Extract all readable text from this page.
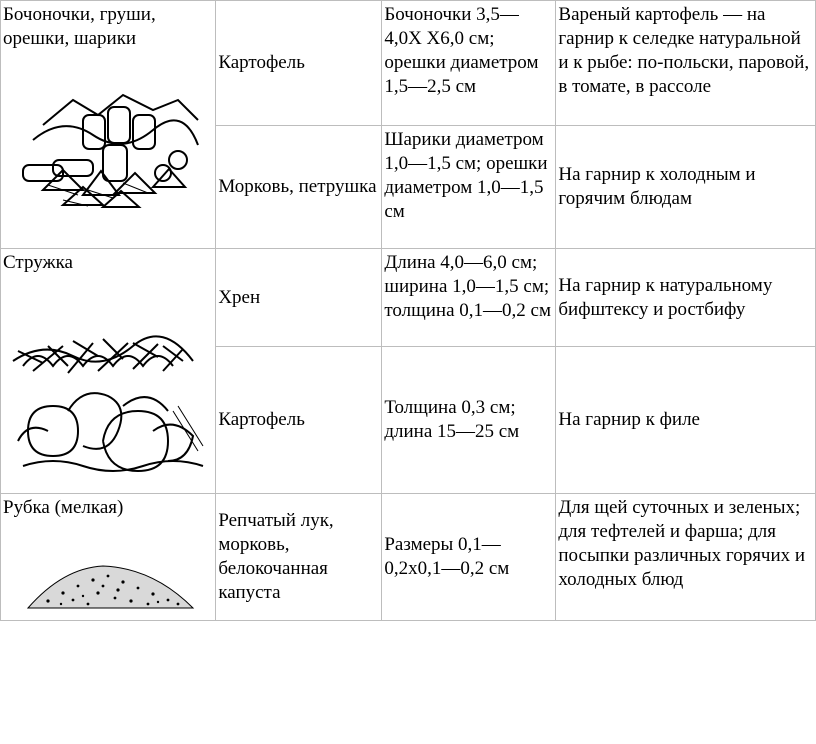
Бочоночки, груши, орешки, шарики	Картофель	Бочоночки 3,5—4,0Х Х6,0 см; орешки диаметром 1,5—2,5 см	Вареный картофель — на гарнир к селедке натуральной и к рыбе: по-польски, паровой, в томате, в рассоле
	Морковь, петрушка	Шарики диаметром 1,0—1,5 см; орешки диаметром 1,0—1,5 см	На гарнир к холодным и горячим блюдам

Стружка	Хрен	Длина 4,0—6,0 см; ширина 1,0—1,5 см; толщина 0,1—0,2 см	На гарнир к натуральному бифштексу и ростбифу
	Картофель	Толщина 0,3 см; длина 15—25 см	На гарнир к филе

Рубка (мелкая)	Репчатый лук, морковь, белокочанная капуста	Размеры 0,1—0,2х0,1—0,2 см	Для щей суточных и зеленых; для тефтелей и фарша; для посыпки различных горячих и холодных блюд
